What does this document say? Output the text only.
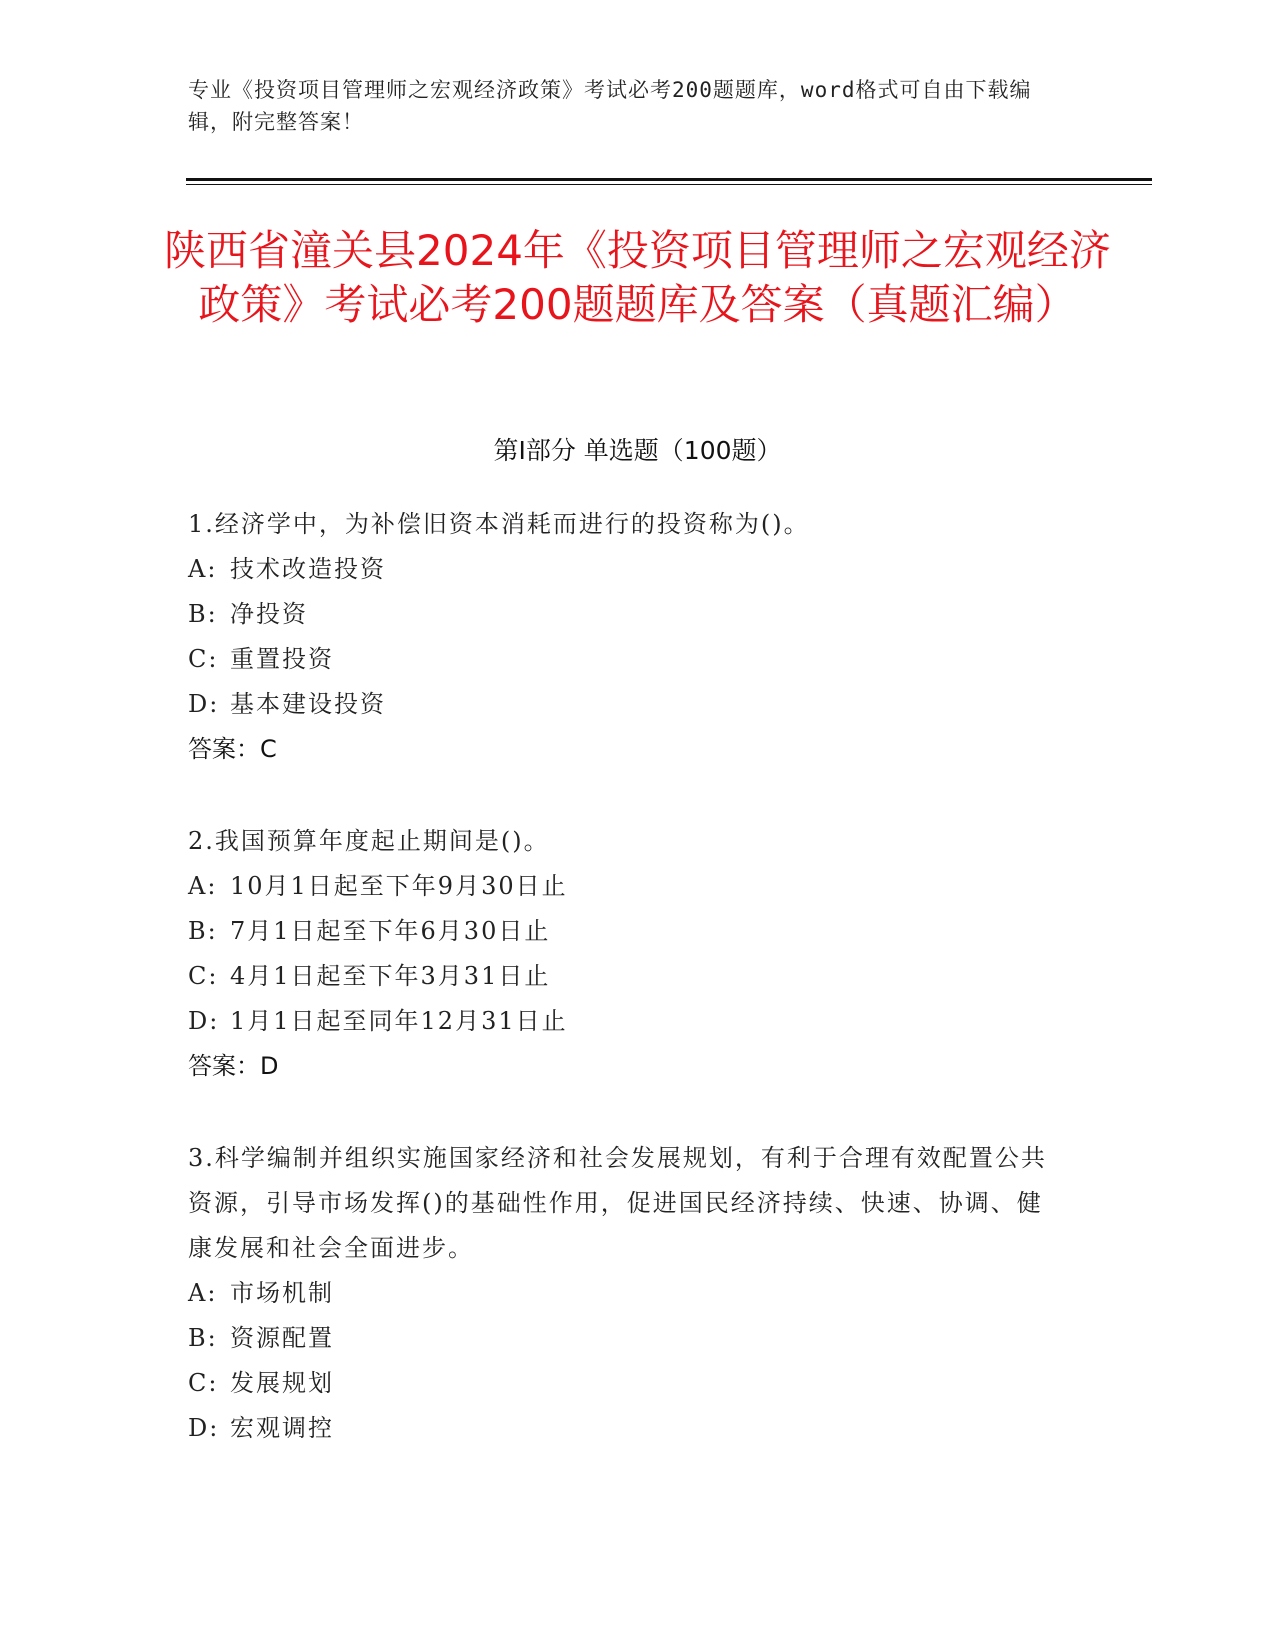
专业《投资项目管理师之宏观经济政策》考试必考200题题库，word格式可自由下载编辑，附完整答案！
陕西省潼关县2024年《投资项目管理师之宏观经济政策》考试必考200题题库及答案（真题汇编）
第I部分 单选题（100题）
1.经济学中，为补偿旧资本消耗而进行的投资称为()。
A: 技术改造投资
B: 净投资
C: 重置投资
D: 基本建设投资
答案：C
2.我国预算年度起止期间是()。
A: 10月1日起至下年9月30日止
B: 7月1日起至下年6月30日止
C: 4月1日起至下年3月31日止
D: 1月1日起至同年12月31日止
答案：D
3.科学编制并组织实施国家经济和社会发展规划，有利于合理有效配置公共资源，引导市场发挥()的基础性作用，促进国民经济持续、快速、协调、健康发展和社会全面进步。
A: 市场机制
B: 资源配置
C: 发展规划
D: 宏观调控
